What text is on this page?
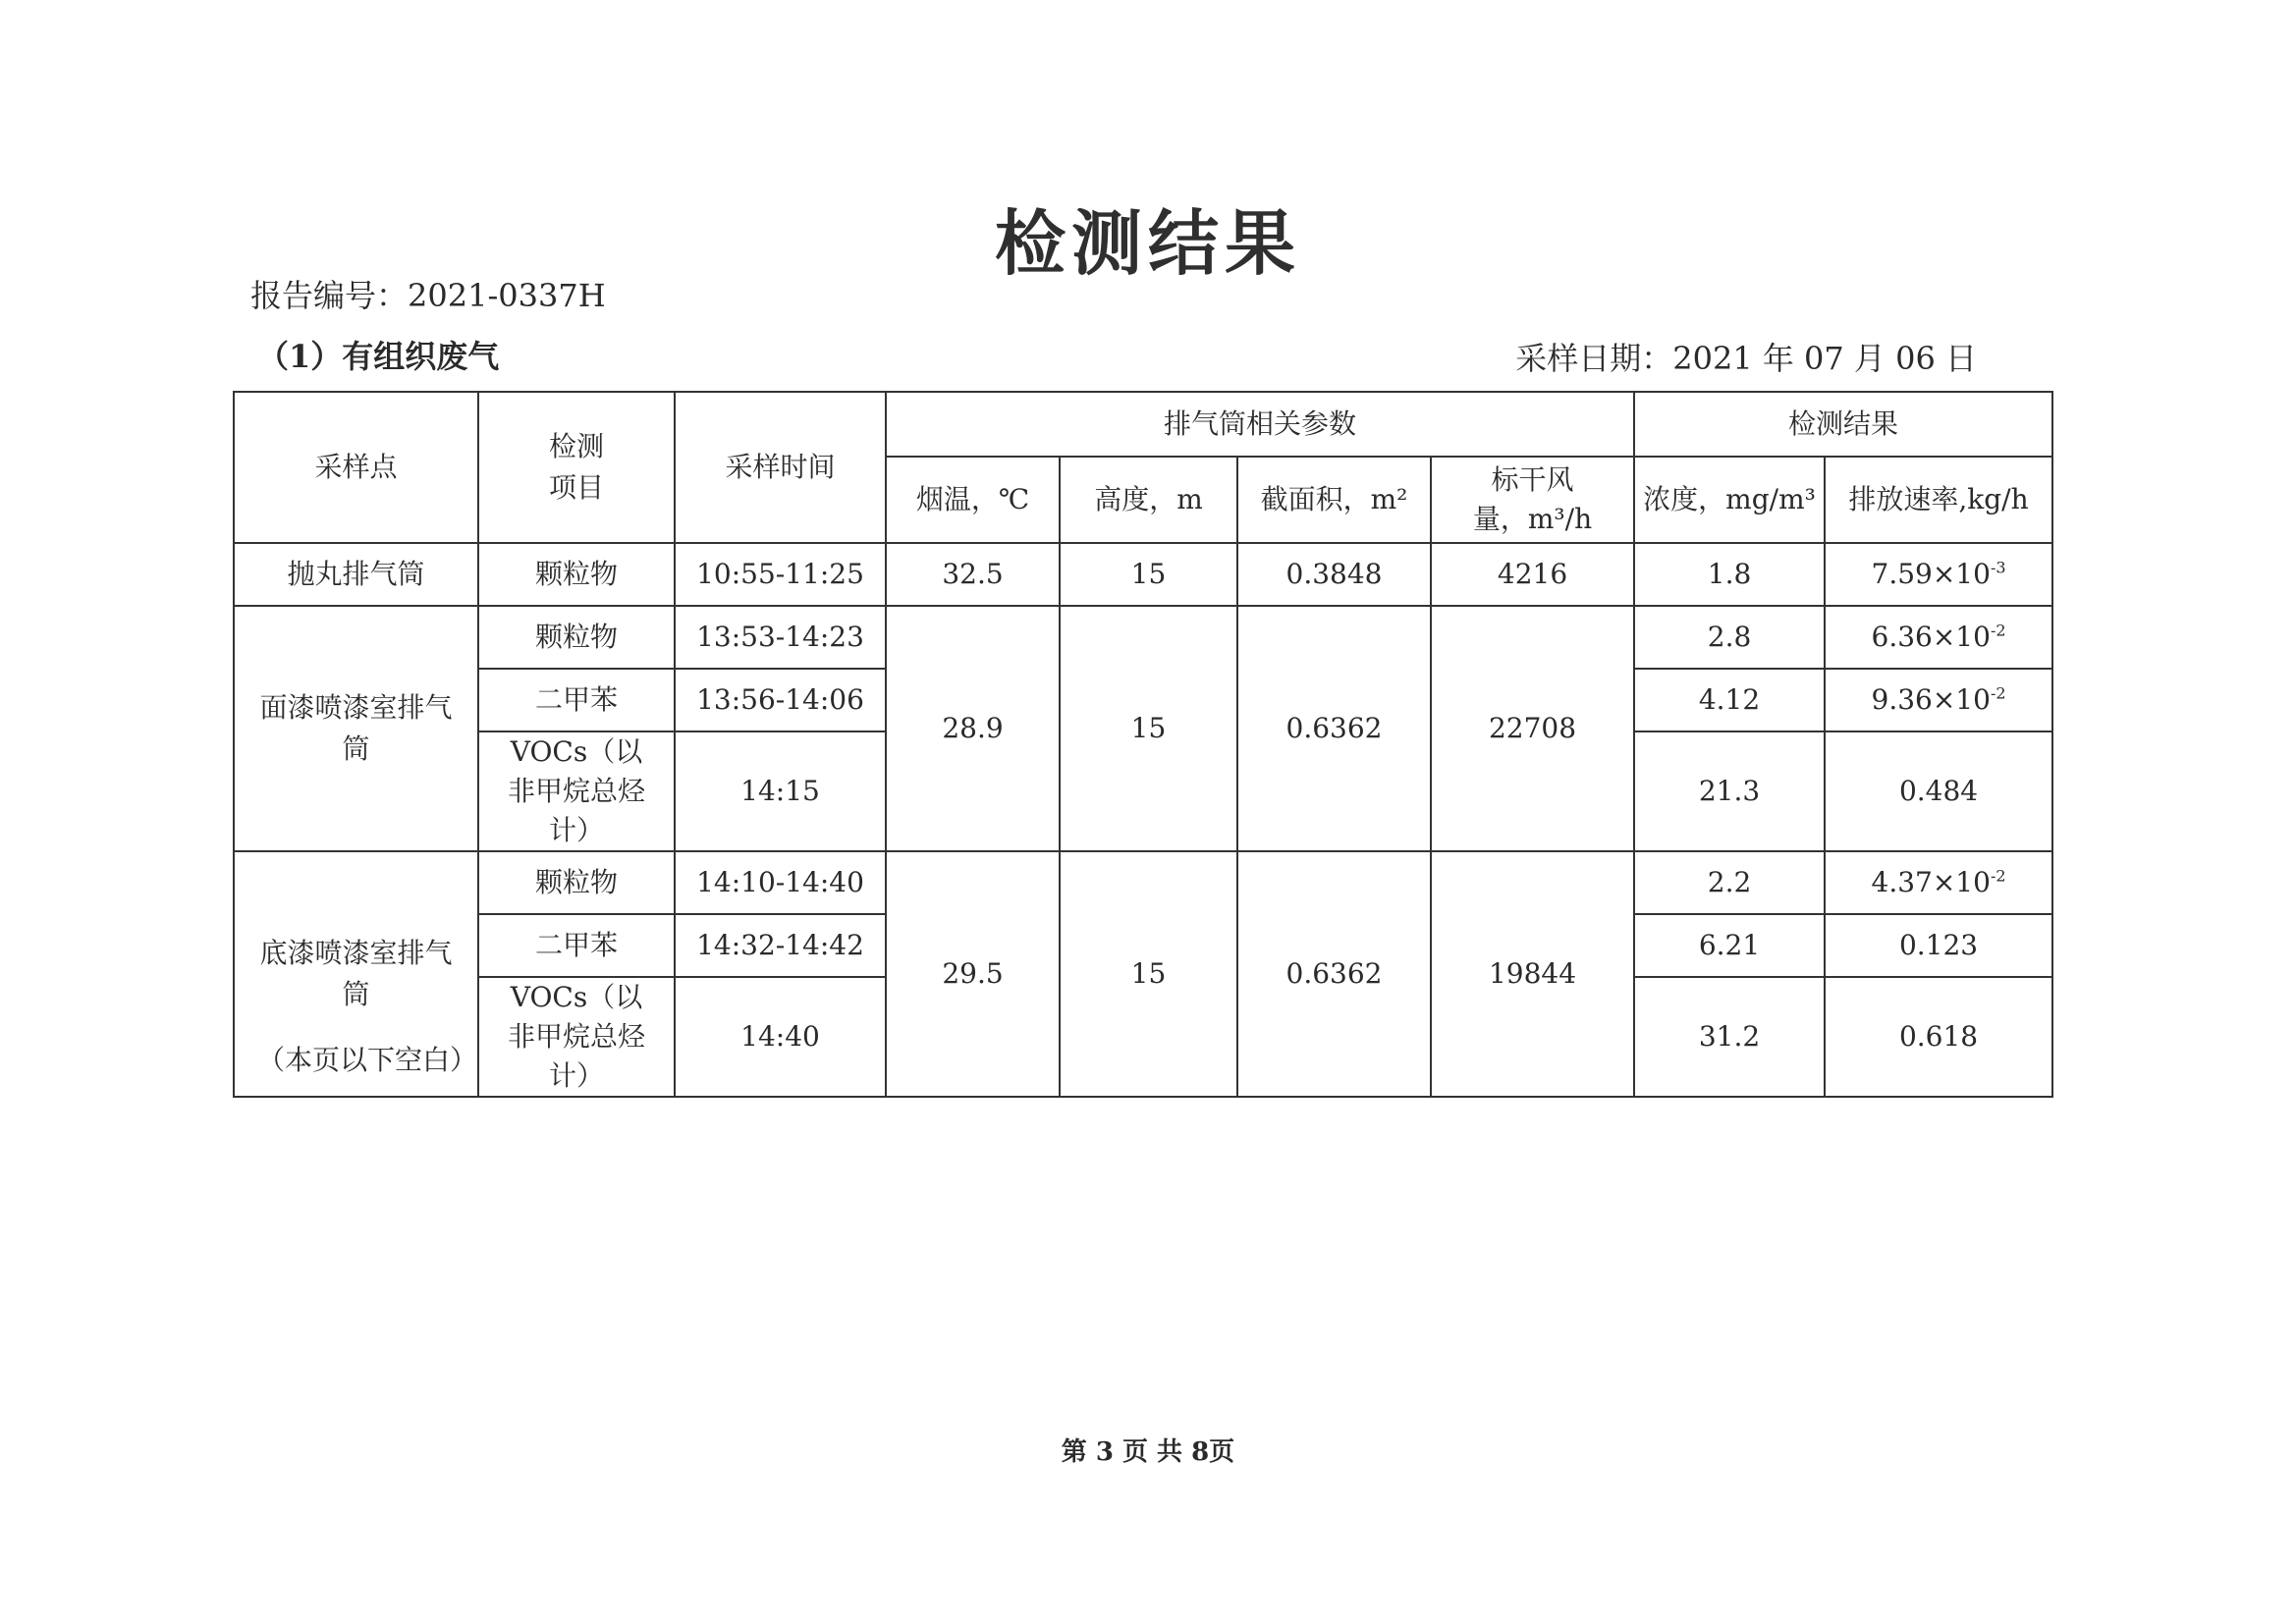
检测结果
报告编号：2021-0337H
（1）有组织废气	采样日期：2021 年 07 月 06 日
采样点	检测项目	采样时间	排气筒相关参数				检测结果	
			烟温，℃	高度，m	截面积，m²	标干风量，m³/h	浓度，mg/m³	排放速率,kg/h
抛丸排气筒	颗粒物	10:55-11:25	32.5	15	0.3848	4216	1.8	$7.59\times 10^{-3}$
面漆喷漆室排气筒	颗粒物	13:53-14:23	28.9	15	0.6362	22708	2.8	$6.36\times 10^{-2}$
	二甲苯	13:56-14:06					4.12	$9.36\times 10^{-2}$
	VOCs（以非甲烷总烃计）	14:15					21.3	0.484
底漆喷漆室排气筒	颗粒物	14:10-14:40	29.5	15	0.6362	19844	2.2	$4.37\times 10^{-2}$
	二甲苯	14:32-14:42					6.21	0.123
	VOCs（以非甲烷总烃计）	14:40					31.2	0.618
（本页以下空白）
第 3 页 共 8页
